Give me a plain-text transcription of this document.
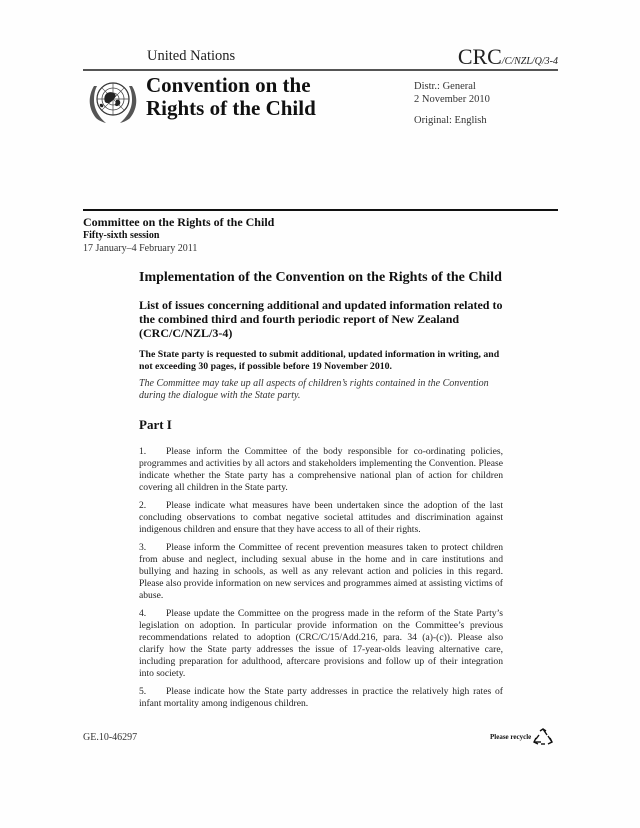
United Nations	CRC/C/NZL/Q/3-4
Convention on the
Rights of the Child
Distr.: General
2 November 2010
Original: English
Committee on the Rights of the Child
Fifty-sixth session
17 January–4 February 2011
Implementation of the Convention on the Rights of the Child
List of issues concerning additional and updated information related to the combined third and fourth periodic report of New Zealand (CRC/C/NZL/3-4)
The State party is requested to submit additional, updated information in writing, and not exceeding 30 pages, if possible before 19 November 2010.
The Committee may take up all aspects of children’s rights contained in the Convention during the dialogue with the State party.
Part I
1. Please inform the Committee of the body responsible for co-ordinating policies, programmes and activities by all actors and stakeholders implementing the Convention. Please indicate whether the State party has a comprehensive national plan of action for children covering all children in the State party.
2. Please indicate what measures have been undertaken since the adoption of the last concluding observations to combat negative societal attitudes and discrimination against indigenous children and ensure that they have access to all of their rights.
3. Please inform the Committee of recent prevention measures taken to protect children from abuse and neglect, including sexual abuse in the home and in care institutions and bullying and hazing in schools, as well as any relevant action and policies in this regard. Please also provide information on new services and programmes aimed at assisting victims of abuse.
4. Please update the Committee on the progress made in the reform of the State Party’s legislation on adoption. In particular provide information on the Committee’s previous recommendations related to adoption (CRC/C/15/Add.216, para. 34 (a)-(c)). Please also clarify how the State party addresses the issue of 17-year-olds leaving alternative care, including preparation for adulthood, aftercare provisions and follow up of their integration into society.
5. Please indicate how the State party addresses in practice the relatively high rates of infant mortality among indigenous children.
GE.10-46297	Please recycle
